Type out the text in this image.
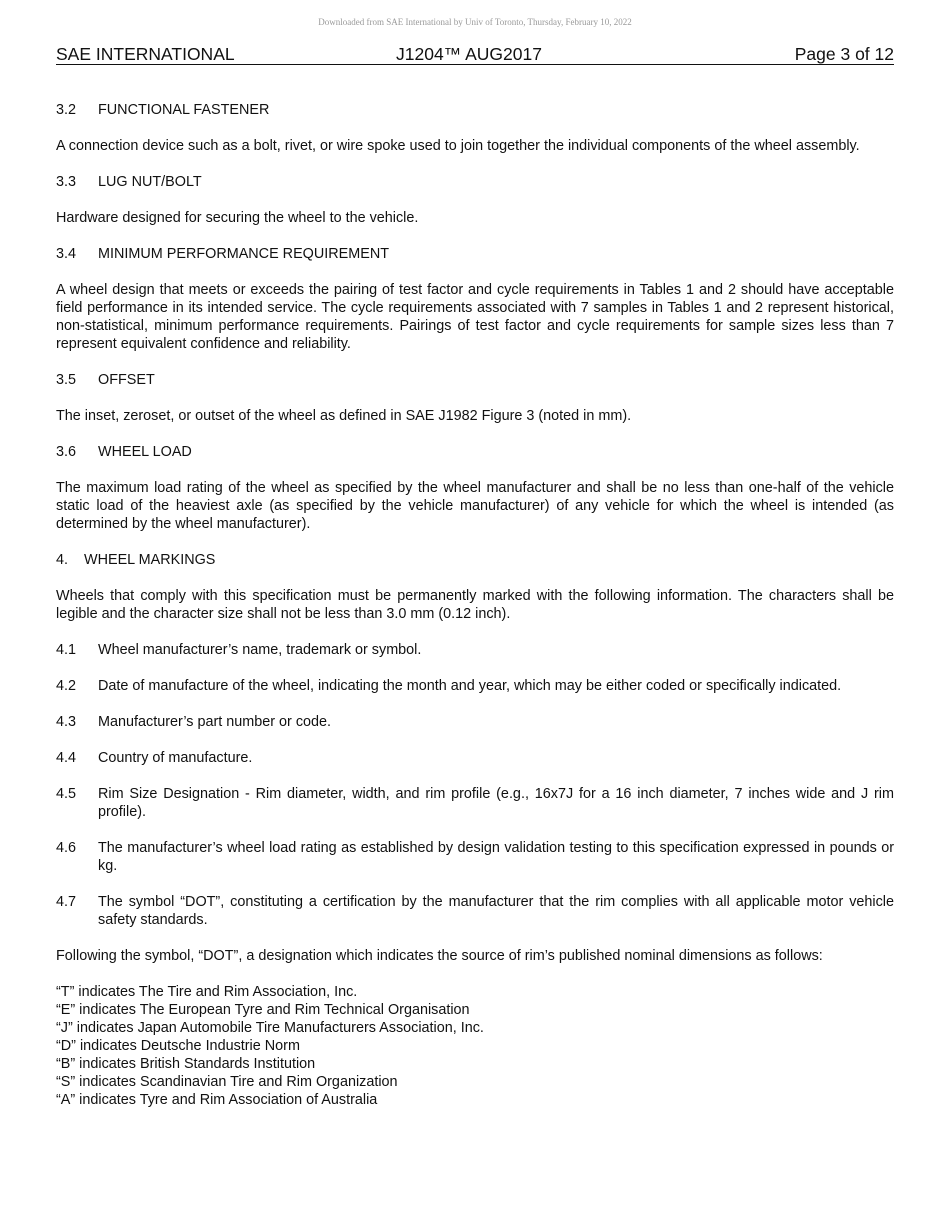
Downloaded from SAE International by Univ of Toronto, Thursday, February 10, 2022
SAE INTERNATIONAL	J1204™ AUG2017	Page 3 of 12
3.2	FUNCTIONAL FASTENER

A connection device such as a bolt, rivet, or wire spoke used to join together the individual components of the wheel assembly.

3.3	LUG NUT/BOLT

Hardware designed for securing the wheel to the vehicle.

3.4	MINIMUM PERFORMANCE REQUIREMENT

A wheel design that meets or exceeds the pairing of test factor and cycle requirements in Tables 1 and 2 should have acceptable field performance in its intended service. The cycle requirements associated with 7 samples in Tables 1 and 2 represent historical, non-statistical, minimum performance requirements. Pairings of test factor and cycle requirements for sample sizes less than 7 represent equivalent confidence and reliability.

3.5	OFFSET

The inset, zeroset, or outset of the wheel as defined in SAE J1982 Figure 3 (noted in mm).

3.6	WHEEL LOAD

The maximum load rating of the wheel as specified by the wheel manufacturer and shall be no less than one-half of the vehicle static load of the heaviest axle (as specified by the vehicle manufacturer) of any vehicle for which the wheel is intended (as determined by the wheel manufacturer).

4.	WHEEL MARKINGS

Wheels that comply with this specification must be permanently marked with the following information. The characters shall be legible and the character size shall not be less than 3.0 mm (0.12 inch).

4.1	Wheel manufacturer’s name, trademark or symbol.
4.2	Date of manufacture of the wheel, indicating the month and year, which may be either coded or specifically indicated.
4.3	Manufacturer’s part number or code.
4.4	Country of manufacture.
4.5	Rim Size Designation - Rim diameter, width, and rim profile (e.g., 16x7J for a 16 inch diameter, 7 inches wide and J rim profile).
4.6	The manufacturer’s wheel load rating as established by design validation testing to this specification expressed in pounds or kg.
4.7	The symbol “DOT”, constituting a certification by the manufacturer that the rim complies with all applicable motor vehicle safety standards.

Following the symbol, “DOT”, a designation which indicates the source of rim’s published nominal dimensions as follows:

“T” indicates The Tire and Rim Association, Inc.
“E” indicates The European Tyre and Rim Technical Organisation
“J” indicates Japan Automobile Tire Manufacturers Association, Inc.
“D” indicates Deutsche Industrie Norm
“B” indicates British Standards Institution
“S” indicates Scandinavian Tire and Rim Organization
“A” indicates Tyre and Rim Association of Australia
